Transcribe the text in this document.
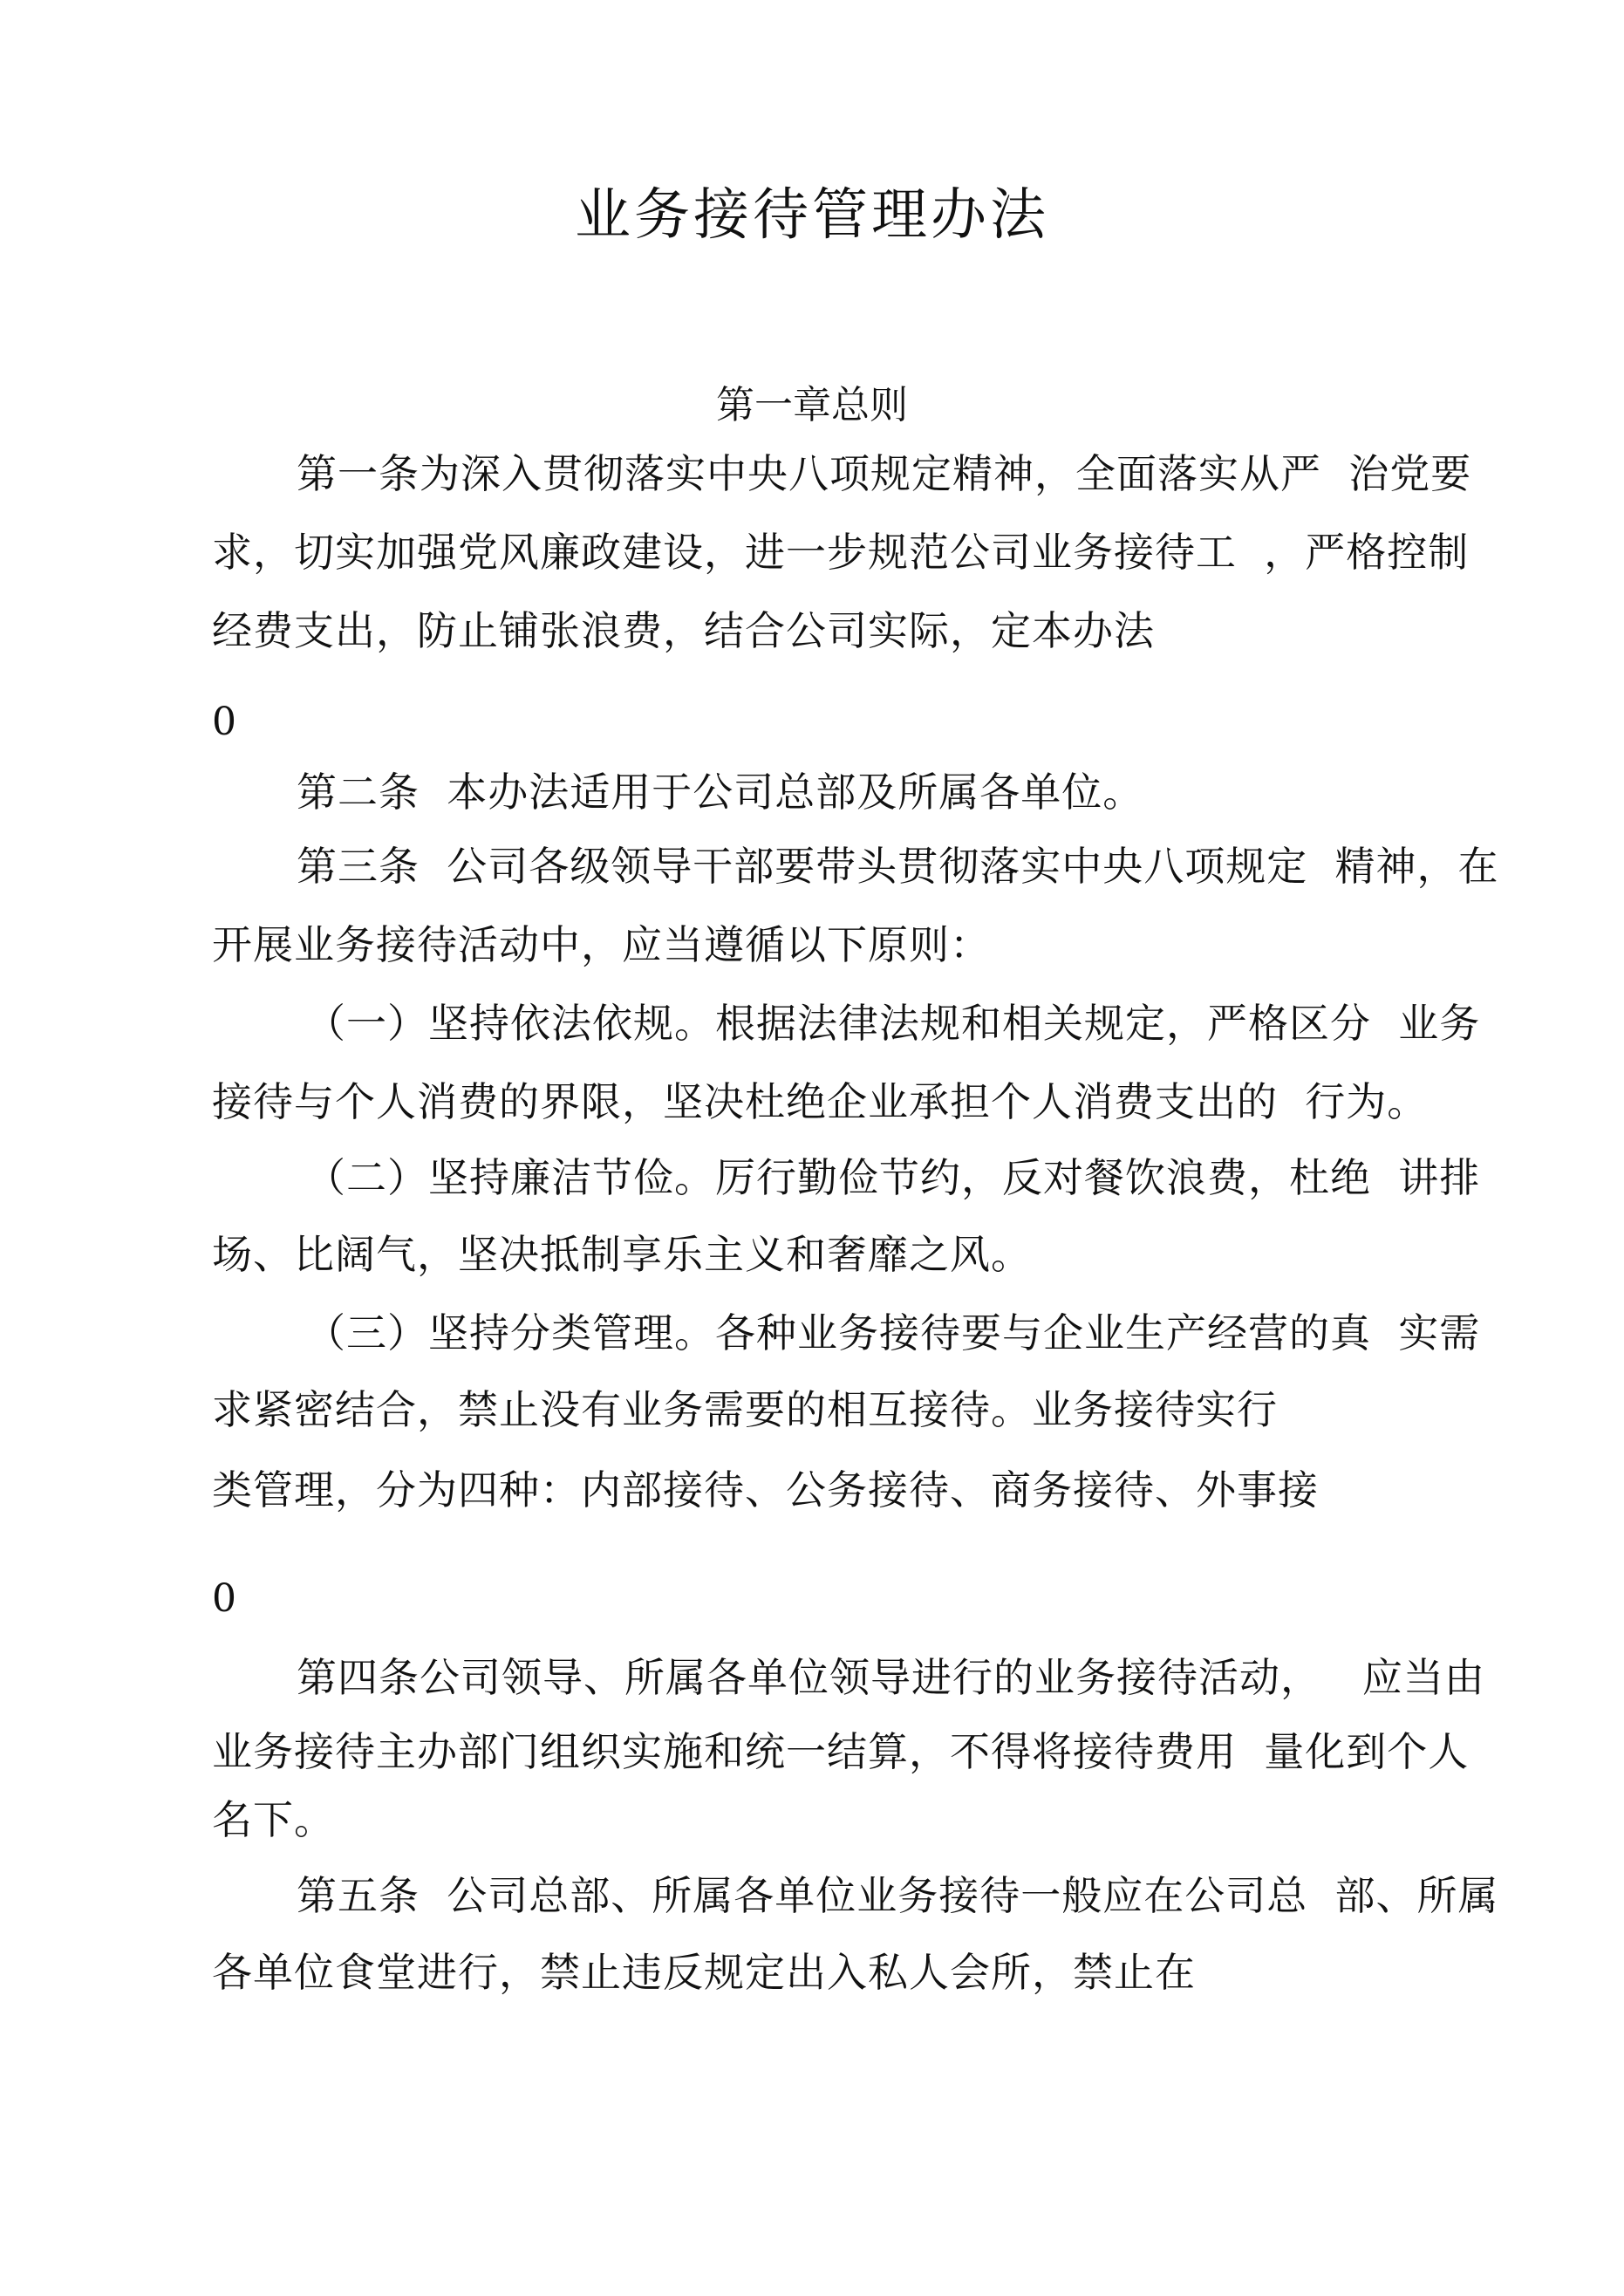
业务接待管理办法
第一章总则
第一条为深入贯彻落实中央八项规定精神，全面落实从严  治党要
求，切实加强党风廉政建设，进一步规范公司业务接待工  ，严格控制
经费支出，防止铺张浪费，结合公司实际，定本办法
0
第二条  本办法适用于公司总部及所属各单位。
第三条  公司各级领导干部要带头贯彻落实中央八项规定  精神，在
开展业务接待活动中，应当遵循以下原则：
（一）坚持依法依规。根据法律法规和相关规定，严格区分  业务
接待与个人消费的界限，坚决杜绝企业承担个人消费支出的  行为。
（二）坚持廉洁节俭。厉行勤俭节约，反对餐饮浪费，杜绝  讲排
场、比阔气，坚决抵制享乐主义和奢靡之风。
（三）坚持分类管理。各种业务接待要与企业生产经营的真  实需
求紧密结合，禁止没有业务需要的相互接待。业务接待实行
类管理，分为四种：内部接待、公务接待、商务接待、外事接
0
第四条公司领导、所属各单位领导进行的业务接待活动，   应当由
业务接待主办部门组织实施和统一结算，不得将接待费用  量化到个人
名下。
第五条  公司总部、所属各单位业务接待一般应在公司总  部、所属
各单位食堂进行，禁止违反规定出入私人会所，禁止在
